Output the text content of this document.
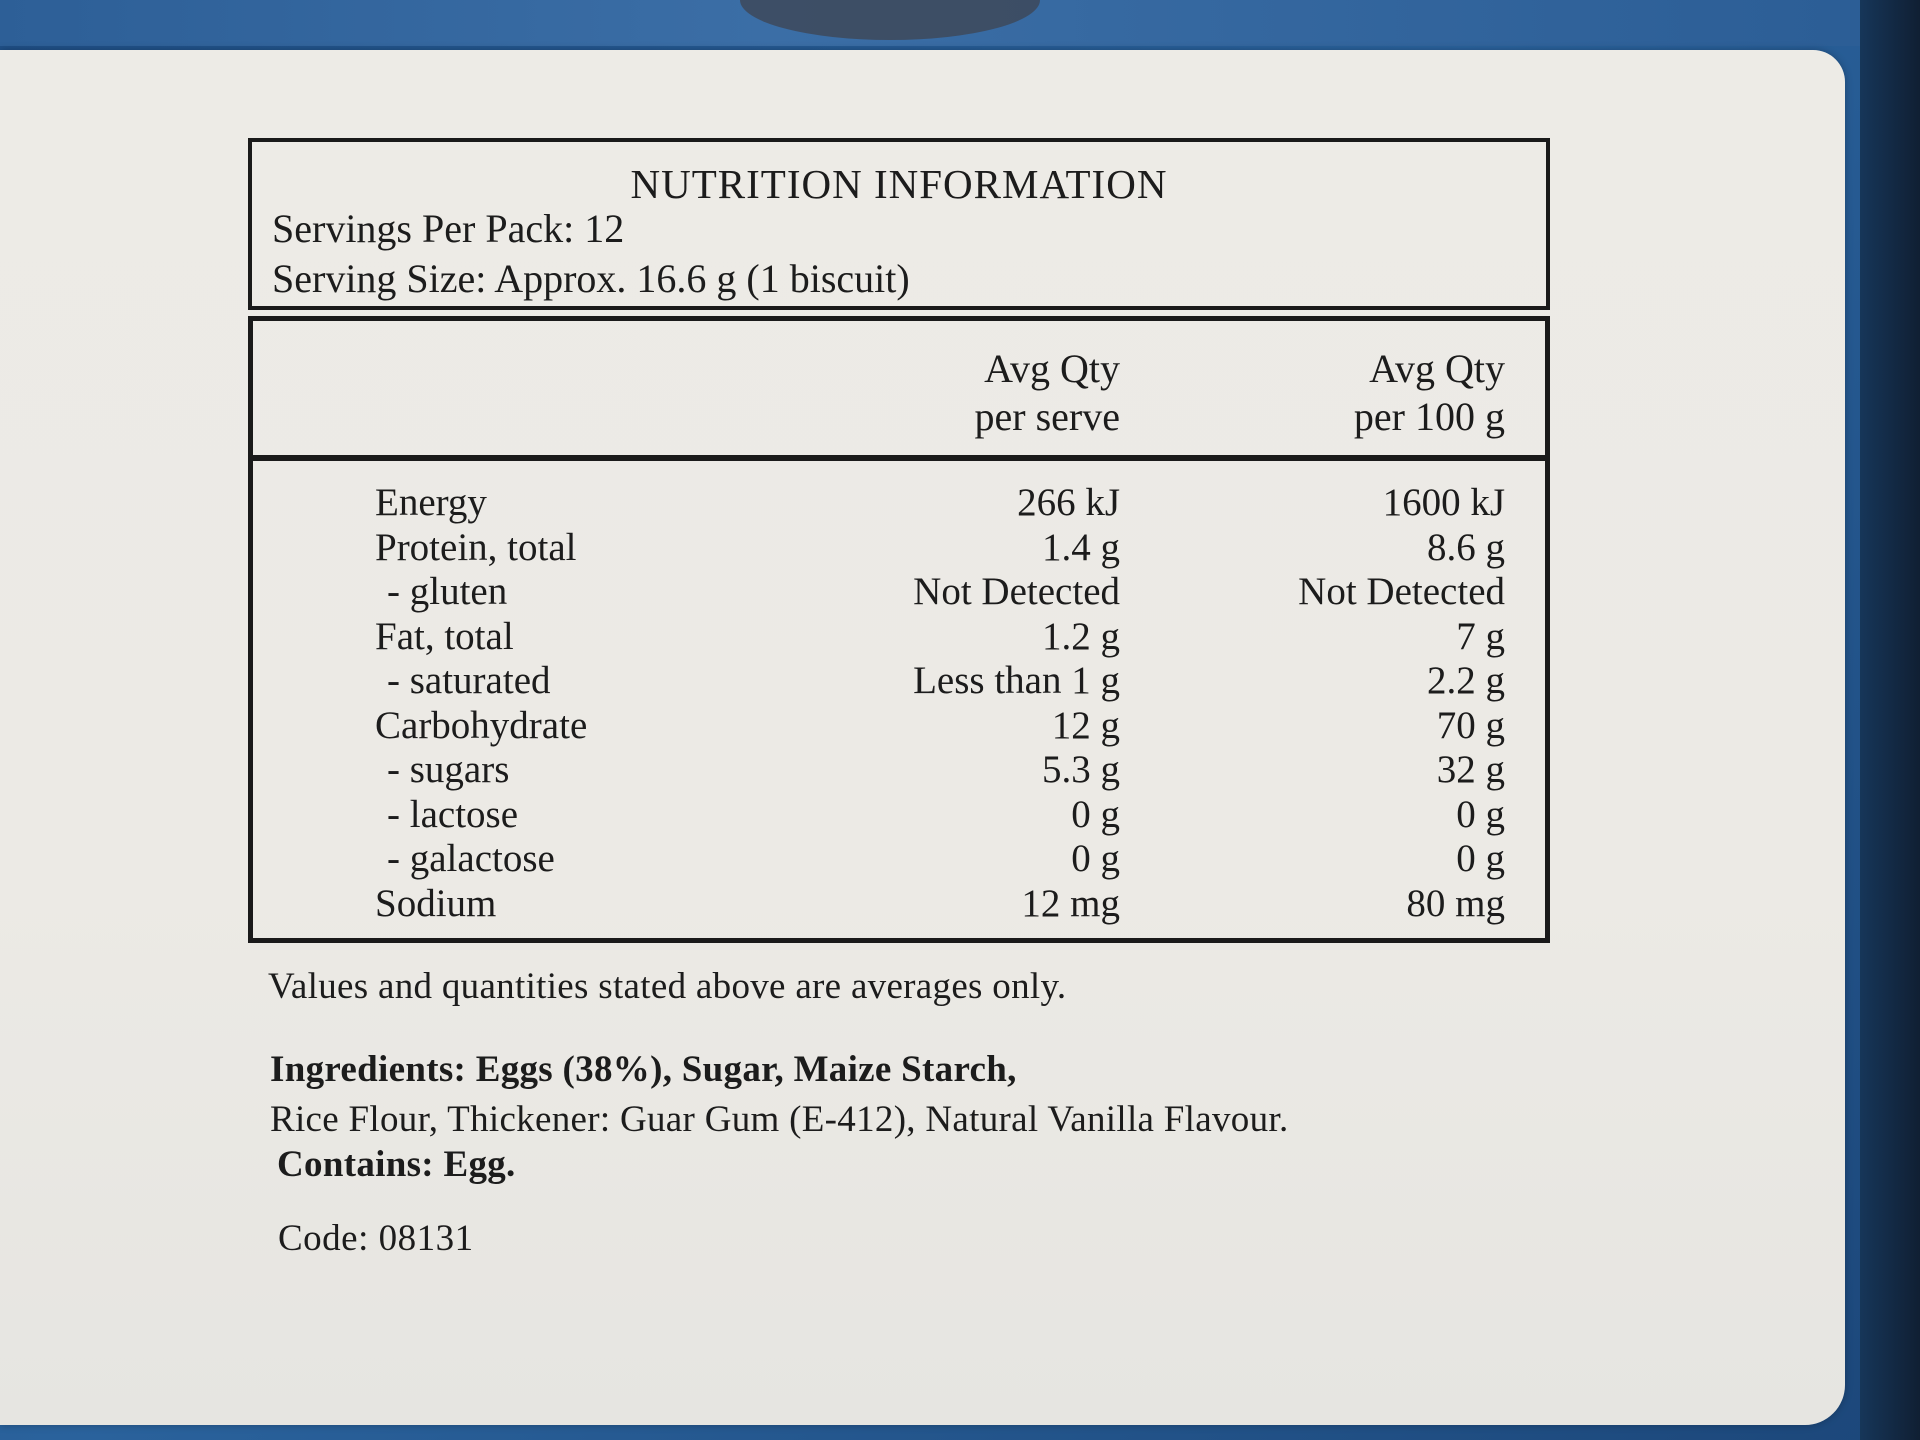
NUTRITION INFORMATION
Servings Per Pack: 12
Serving Size: Approx. 16.6 g (1 biscuit)
Avg Qty
per serve
Avg Qty
per 100 g
Energy	266 kJ	1600 kJ
Protein, total	1.4 g	8.6 g
- gluten	Not Detected	Not Detected
Fat, total	1.2 g	7 g
- saturated	Less than 1 g	2.2 g
Carbohydrate	12 g	70 g
- sugars	5.3 g	32 g
- lactose	0 g	0 g
- galactose	0 g	0 g
Sodium	12 mg	80 mg
Values and quantities stated above are averages only.
Ingredients: Eggs (38%), Sugar, Maize Starch,
Rice Flour, Thickener: Guar Gum (E-412), Natural Vanilla Flavour.
Contains: Egg.
Code: 08131
